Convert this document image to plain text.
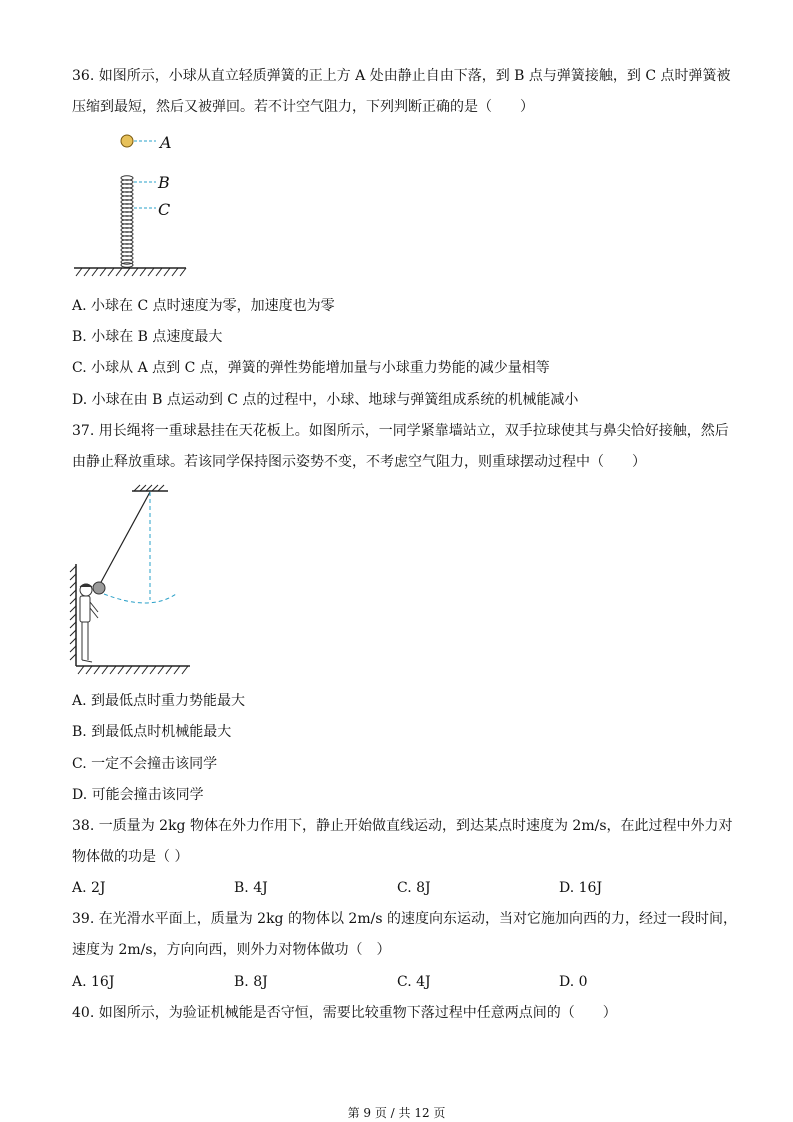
36. 如图所示，小球从直立轻质弹簧的正上方 A 处由静止自由下落，到 B 点与弹簧接触，到 C 点时弹簧被
压缩到最短，然后又被弹回。若不计空气阻力，下列判断正确的是（　　）
A
B
C
A. 小球在 C 点时速度为零，加速度也为零
B. 小球在 B 点速度最大
C. 小球从 A 点到 C 点，弹簧的弹性势能增加量与小球重力势能的减少量相等
D. 小球在由 B 点运动到 C 点的过程中，小球、地球与弹簧组成系统的机械能减小
37. 用长绳将一重球悬挂在天花板上。如图所示，一同学紧靠墙站立，双手拉球使其与鼻尖恰好接触，然后
由静止释放重球。若该同学保持图示姿势不变，不考虑空气阻力，则重球摆动过程中（　　）
A. 到最低点时重力势能最大
B. 到最低点时机械能最大
C. 一定不会撞击该同学
D. 可能会撞击该同学
38. 一质量为 2kg 物体在外力作用下，静止开始做直线运动，到达某点时速度为 2m/s，在此过程中外力对
物体做的功是（ ）
A. 2J	B. 4J	C. 8J	D. 16J
39. 在光滑水平面上，质量为 2kg 的物体以 2m/s 的速度向东运动，当对它施加向西的力，经过一段时间，
速度为 2m/s，方向向西，则外力对物体做功（　）
A. 16J	B. 8J	C. 4J	D. 0
40. 如图所示，为验证机械能是否守恒，需要比较重物下落过程中任意两点间的（　　）
第 9 页 / 共 12 页
